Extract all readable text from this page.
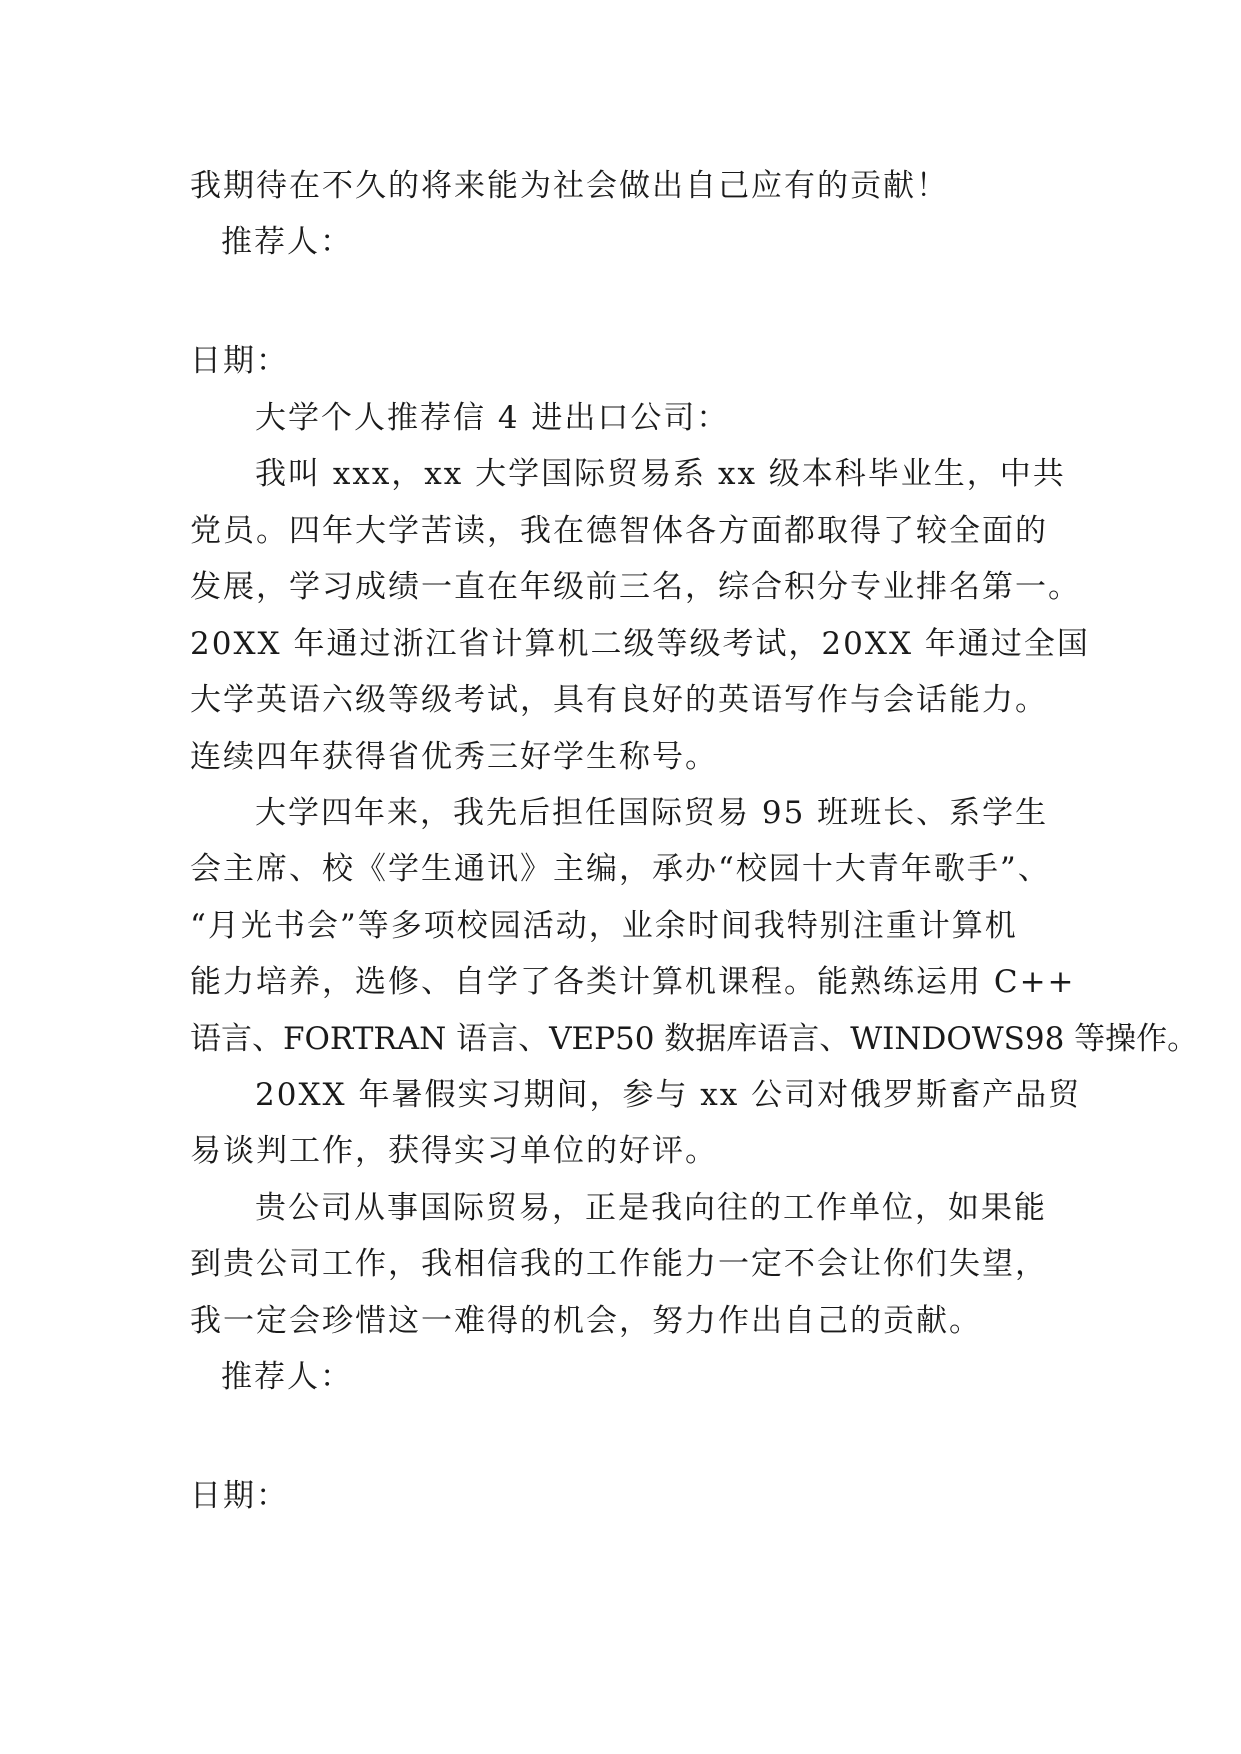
我期待在不久的将来能为社会做出自己应有的贡献！
推荐人：
日期：
大学个人推荐信 4 进出口公司：
我叫 xxx，xx 大学国际贸易系 xx 级本科毕业生，中共
党员。四年大学苦读，我在德智体各方面都取得了较全面的
发展，学习成绩一直在年级前三名，综合积分专业排名第一。
20XX 年通过浙江省计算机二级等级考试，20XX 年通过全国
大学英语六级等级考试，具有良好的英语写作与会话能力。
连续四年获得省优秀三好学生称号。
大学四年来，我先后担任国际贸易 95 班班长、系学生
会主席、校《学生通讯》主编，承办“校园十大青年歌手”、
“月光书会”等多项校园活动，业余时间我特别注重计算机
能力培养，选修、自学了各类计算机课程。能熟练运用 C++
语言、FORTRAN 语言、VEP50 数据库语言、WINDOWS98 等操作。
20XX 年暑假实习期间，参与 xx 公司对俄罗斯畜产品贸
易谈判工作，获得实习单位的好评。
贵公司从事国际贸易，正是我向往的工作单位，如果能
到贵公司工作，我相信我的工作能力一定不会让你们失望，
我一定会珍惜这一难得的机会，努力作出自己的贡献。
推荐人：
日期：
